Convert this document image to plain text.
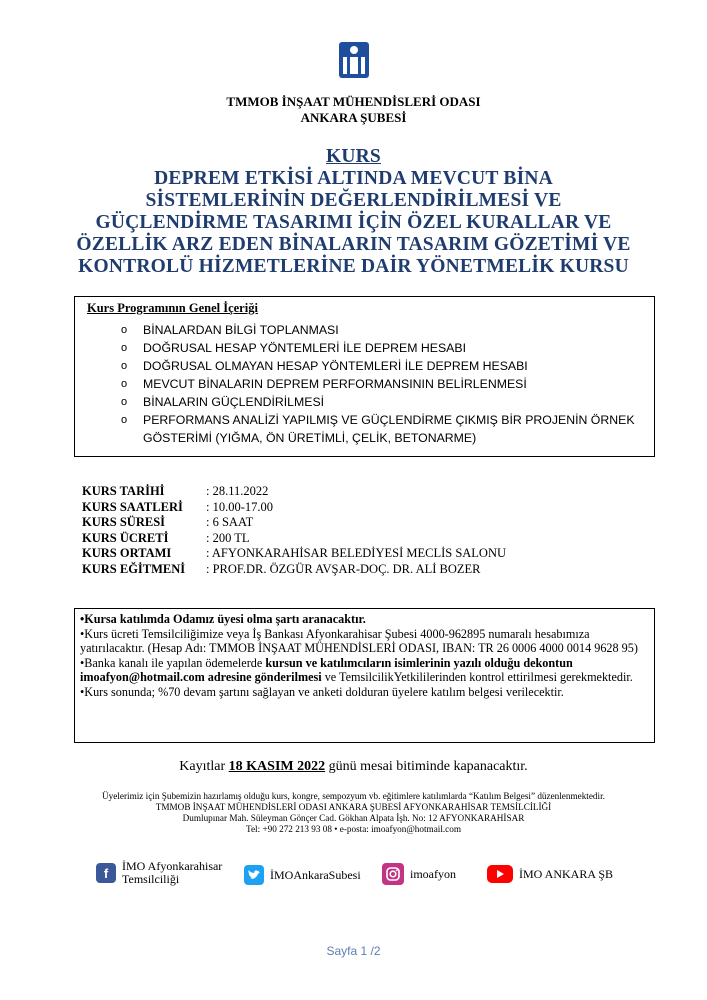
TMMOB İNŞAAT MÜHENDİSLERİ ODASI
ANKARA ŞUBESİ
KURS
DEPREM ETKİSİ ALTINDA MEVCUT BİNA
SİSTEMLERİNİN DEĞERLENDİRİLMESİ VE
GÜÇLENDİRME TASARIMI İÇİN ÖZEL KURALLAR VE
ÖZELLİK ARZ EDEN BİNALARIN TASARIM GÖZETİMİ VE
KONTROLÜ HİZMETLERİNE DAİR YÖNETMELİK KURSU
Kurs Programının Genel İçeriği
o BİNALARDAN BİLGİ TOPLANMASI
o DOĞRUSAL HESAP YÖNTEMLERİ İLE DEPREM HESABI
o DOĞRUSAL OLMAYAN HESAP YÖNTEMLERİ İLE DEPREM HESABI
o MEVCUT BİNALARIN DEPREM PERFORMANSININ BELİRLENMESİ
o BİNALARIN GÜÇLENDİRİLMESİ
o PERFORMANS ANALİZİ YAPILMIŞ VE GÜÇLENDİRME ÇIKMIŞ BİR PROJENİN ÖRNEK GÖSTERİMİ (YIĞMA, ÖN ÜRETİMLİ, ÇELİK, BETONARME)
KURS TARİHİ	: 28.11.2022
KURS SAATLERİ	: 10.00-17.00
KURS SÜRESİ	: 6 SAAT
KURS ÜCRETİ	: 200 TL
KURS ORTAMI	: AFYONKARAHİSAR BELEDİYESİ MECLİS SALONU
KURS EĞİTMENİ	: PROF.DR. ÖZGÜR AVŞAR-DOÇ. DR. ALİ BOZER

•Kursa katılımda Odamız üyesi olma şartı aranacaktır.

•Kurs ücreti Temsilciliğimize veya İş Bankası Afyonkarahisar Şubesi 4000-962895 numaralı hesabımıza yatırılacaktır. (Hesap Adı: TMMOB İNŞAAT MÜHENDİSLERİ ODASI, IBAN: TR 26 0006 4000 0014 9628 95)

•Banka kanalı ile yapılan ödemelerde kursun ve katılımcıların isimlerinin yazılı olduğu dekontun imoafyon@hotmail.com adresine gönderilmesi ve TemsilcilikYetkililerinden kontrol ettirilmesi gerekmektedir.

•Kurs sonunda; %70 devam şartını sağlayan ve anketi dolduran üyelere katılım belgesi verilecektir.

Kayıtlar 18 KASIM 2022 günü mesai bitiminde kapanacaktır.
Üyelerimiz için Şubemizin hazırlamış olduğu kurs, kongre, sempozyum vb. eğitimlere katılımlarda “Katılım Belgesi” düzenlenmektedir.
TMMOB İNŞAAT MÜHENDİSLERİ ODASI ANKARA ŞUBESİ AFYONKARAHİSAR TEMSİLCİLİĞİ
Dumlupınar Mah. Süleyman Gönçer Cad. Gökhan Alpata İşh. No: 12 AFYONKARAHİSAR
Tel: +90 272 213 93 08 • e-posta: imoafyon@hotmail.com
f	İMO Afyonkarahisar
Temsilciliği	İMOAnkaraSubesi	imoafyon	İMO ANKARA ŞB
Sayfa 1 /2
